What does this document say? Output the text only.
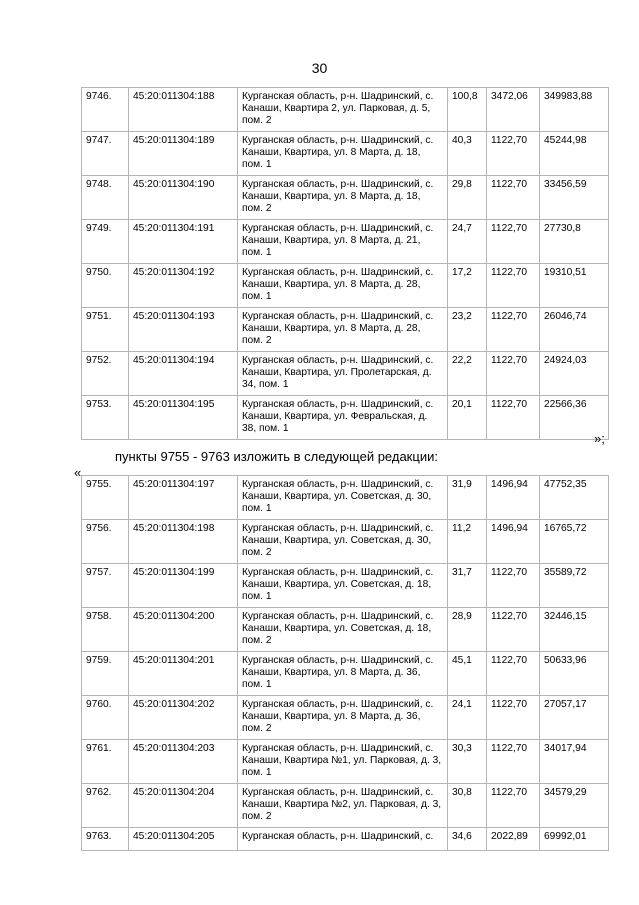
30
9746.	45:20:011304:188	Курганская область, р-н. Шадринский, с. Канаши, Квартира 2, ул. Парковая, д. 5, пом. 2	100,8	3472,06	349983,88
9747.	45:20:011304:189	Курганская область, р-н. Шадринский, с. Канаши, Квартира, ул. 8 Марта, д. 18, пом. 1	40,3	1122,70	45244,98
9748.	45:20:011304:190	Курганская область, р-н. Шадринский, с. Канаши, Квартира, ул. 8 Марта, д. 18, пом. 2	29,8	1122,70	33456,59
9749.	45:20:011304:191	Курганская область, р-н. Шадринский, с. Канаши, Квартира, ул. 8 Марта, д. 21, пом. 1	24,7	1122,70	27730,8
9750.	45:20:011304:192	Курганская область, р-н. Шадринский, с. Канаши, Квартира, ул. 8 Марта, д. 28, пом. 1	17,2	1122,70	19310,51
9751.	45:20:011304:193	Курганская область, р-н. Шадринский, с. Канаши, Квартира, ул. 8 Марта, д. 28, пом. 2	23,2	1122,70	26046,74
9752.	45:20:011304:194	Курганская область, р-н. Шадринский, с. Канаши, Квартира, ул. Пролетарская, д. 34, пом. 1	22,2	1122,70	24924,03
9753.	45:20:011304:195	Курганская область, р-н. Шадринский, с. Канаши, Квартира, ул. Февральская, д. 38, пом. 1	20,1	1122,70	22566,36
»;
пункты 9755 - 9763 изложить в следующей редакции:
«
9755.	45:20:011304:197	Курганская область, р-н. Шадринский, с. Канаши, Квартира, ул. Советская, д. 30, пом. 1	31,9	1496,94	47752,35
9756.	45:20:011304:198	Курганская область, р-н. Шадринский, с. Канаши, Квартира, ул. Советская, д. 30, пом. 2	11,2	1496,94	16765,72
9757.	45:20:011304:199	Курганская область, р-н. Шадринский, с. Канаши, Квартира, ул. Советская, д. 18, пом. 1	31,7	1122,70	35589,72
9758.	45:20:011304:200	Курганская область, р-н. Шадринский, с. Канаши, Квартира, ул. Советская, д. 18, пом. 2	28,9	1122,70	32446,15
9759.	45:20:011304:201	Курганская область, р-н. Шадринский, с. Канаши, Квартира, ул. 8 Марта, д. 36, пом. 1	45,1	1122,70	50633,96
9760.	45:20:011304:202	Курганская область, р-н. Шадринский, с. Канаши, Квартира, ул. 8 Марта, д. 36, пом. 2	24,1	1122,70	27057,17
9761.	45:20:011304:203	Курганская область, р-н. Шадринский, с. Канаши, Квартира №1, ул. Парковая, д. 3, пом. 1	30,3	1122,70	34017,94
9762.	45:20:011304:204	Курганская область, р-н. Шадринский, с. Канаши, Квартира №2, ул. Парковая, д. 3, пом. 2	30,8	1122,70	34579,29
9763.	45:20:011304:205	Курганская область, р-н. Шадринский, с.	34,6	2022,89	69992,01
